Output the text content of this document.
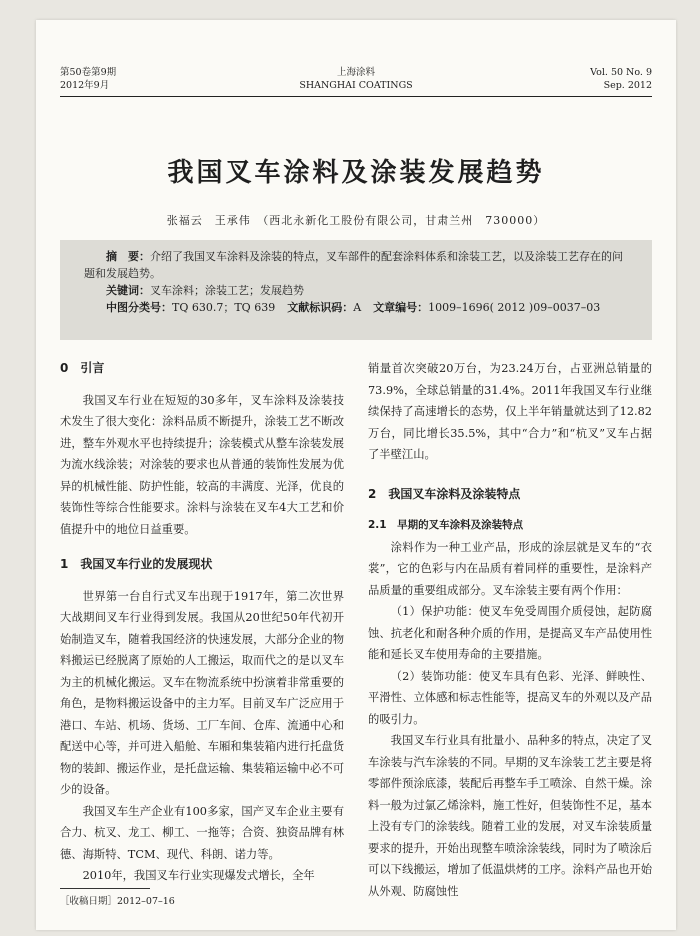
第50卷第9期
2012年9月
上海涂料
SHANGHAI COATINGS
Vol. 50 No. 9
Sep. 2012
我国叉车涂料及涂装发展趋势
张福云　王承伟　（西北永新化工股份有限公司，甘肃兰州　730000）

摘　要：介绍了我国叉车涂料及涂装的特点，叉车部件的配套涂料体系和涂装工艺，以及涂装工艺存在的问题和发展趋势。

关键词：叉车涂料；涂装工艺；发展趋势

中图分类号：TQ 630.7；TQ 639 文献标识码：A 文章编号：1009–1696( 2012 )09–0037–03

0　引言

我国叉车行业在短短的30多年，叉车涂料及涂装技术发生了很大变化：涂料品质不断提升，涂装工艺不断改进，整车外观水平也持续提升；涂装模式从整车涂装发展为流水线涂装；对涂装的要求也从普通的装饰性发展为优异的机械性能、防护性能，较高的丰满度、光泽，优良的装饰性等综合性能要求。涂料与涂装在叉车4大工艺和价值提升中的地位日益重要。

1　我国叉车行业的发展现状

世界第一台自行式叉车出现于1917年，第二次世界大战期间叉车行业得到发展。我国从20世纪50年代初开始制造叉车，随着我国经济的快速发展，大部分企业的物料搬运已经脱离了原始的人工搬运，取而代之的是以叉车为主的机械化搬运。叉车在物流系统中扮演着非常重要的角色，是物料搬运设备中的主力军。目前叉车广泛应用于港口、车站、机场、货场、工厂车间、仓库、流通中心和配送中心等，并可进入船舱、车厢和集装箱内进行托盘货物的装卸、搬运作业，是托盘运输、集装箱运输中必不可少的设备。

我国叉车生产企业有100多家，国产叉车企业主要有合力、杭叉、龙工、柳工、一拖等；合资、独资品牌有林德、海斯特、TCM、现代、科朗、诺力等。

2010年，我国叉车行业实现爆发式增长，全年

销量首次突破20万台，为23.24万台，占亚洲总销量的73.9%，全球总销量的31.4%。2011年我国叉车行业继续保持了高速增长的态势，仅上半年销量就达到了12.82万台，同比增长35.5%，其中“合力”和“杭叉”叉车占据了半壁江山。

2　我国叉车涂料及涂装特点

2.1　早期的叉车涂料及涂装特点

涂料作为一种工业产品，形成的涂层就是叉车的“衣裳”，它的色彩与内在品质有着同样的重要性，是涂料产品质量的重要组成部分。叉车涂装主要有两个作用：

（1）保护功能：使叉车免受周围介质侵蚀，起防腐蚀、抗老化和耐各种介质的作用，是提高叉车产品使用性能和延长叉车使用寿命的主要措施。

（2）装饰功能：使叉车具有色彩、光泽、鲜映性、平滑性、立体感和标志性能等，提高叉车的外观以及产品的吸引力。

我国叉车行业具有批量小、品种多的特点，决定了叉车涂装与汽车涂装的不同。早期的叉车涂装工艺主要是将零部件预涂底漆，装配后再整车手工喷涂、自然干燥。涂料一般为过氯乙烯涂料，施工性好，但装饰性不足，基本上没有专门的涂装线。随着工业的发展，对叉车涂装质量要求的提升，开始出现整车喷涂涂装线，同时为了喷涂后可以下线搬运，增加了低温烘烤的工序。涂料产品也开始从外观、防腐蚀性

［收稿日期］2012–07–16
